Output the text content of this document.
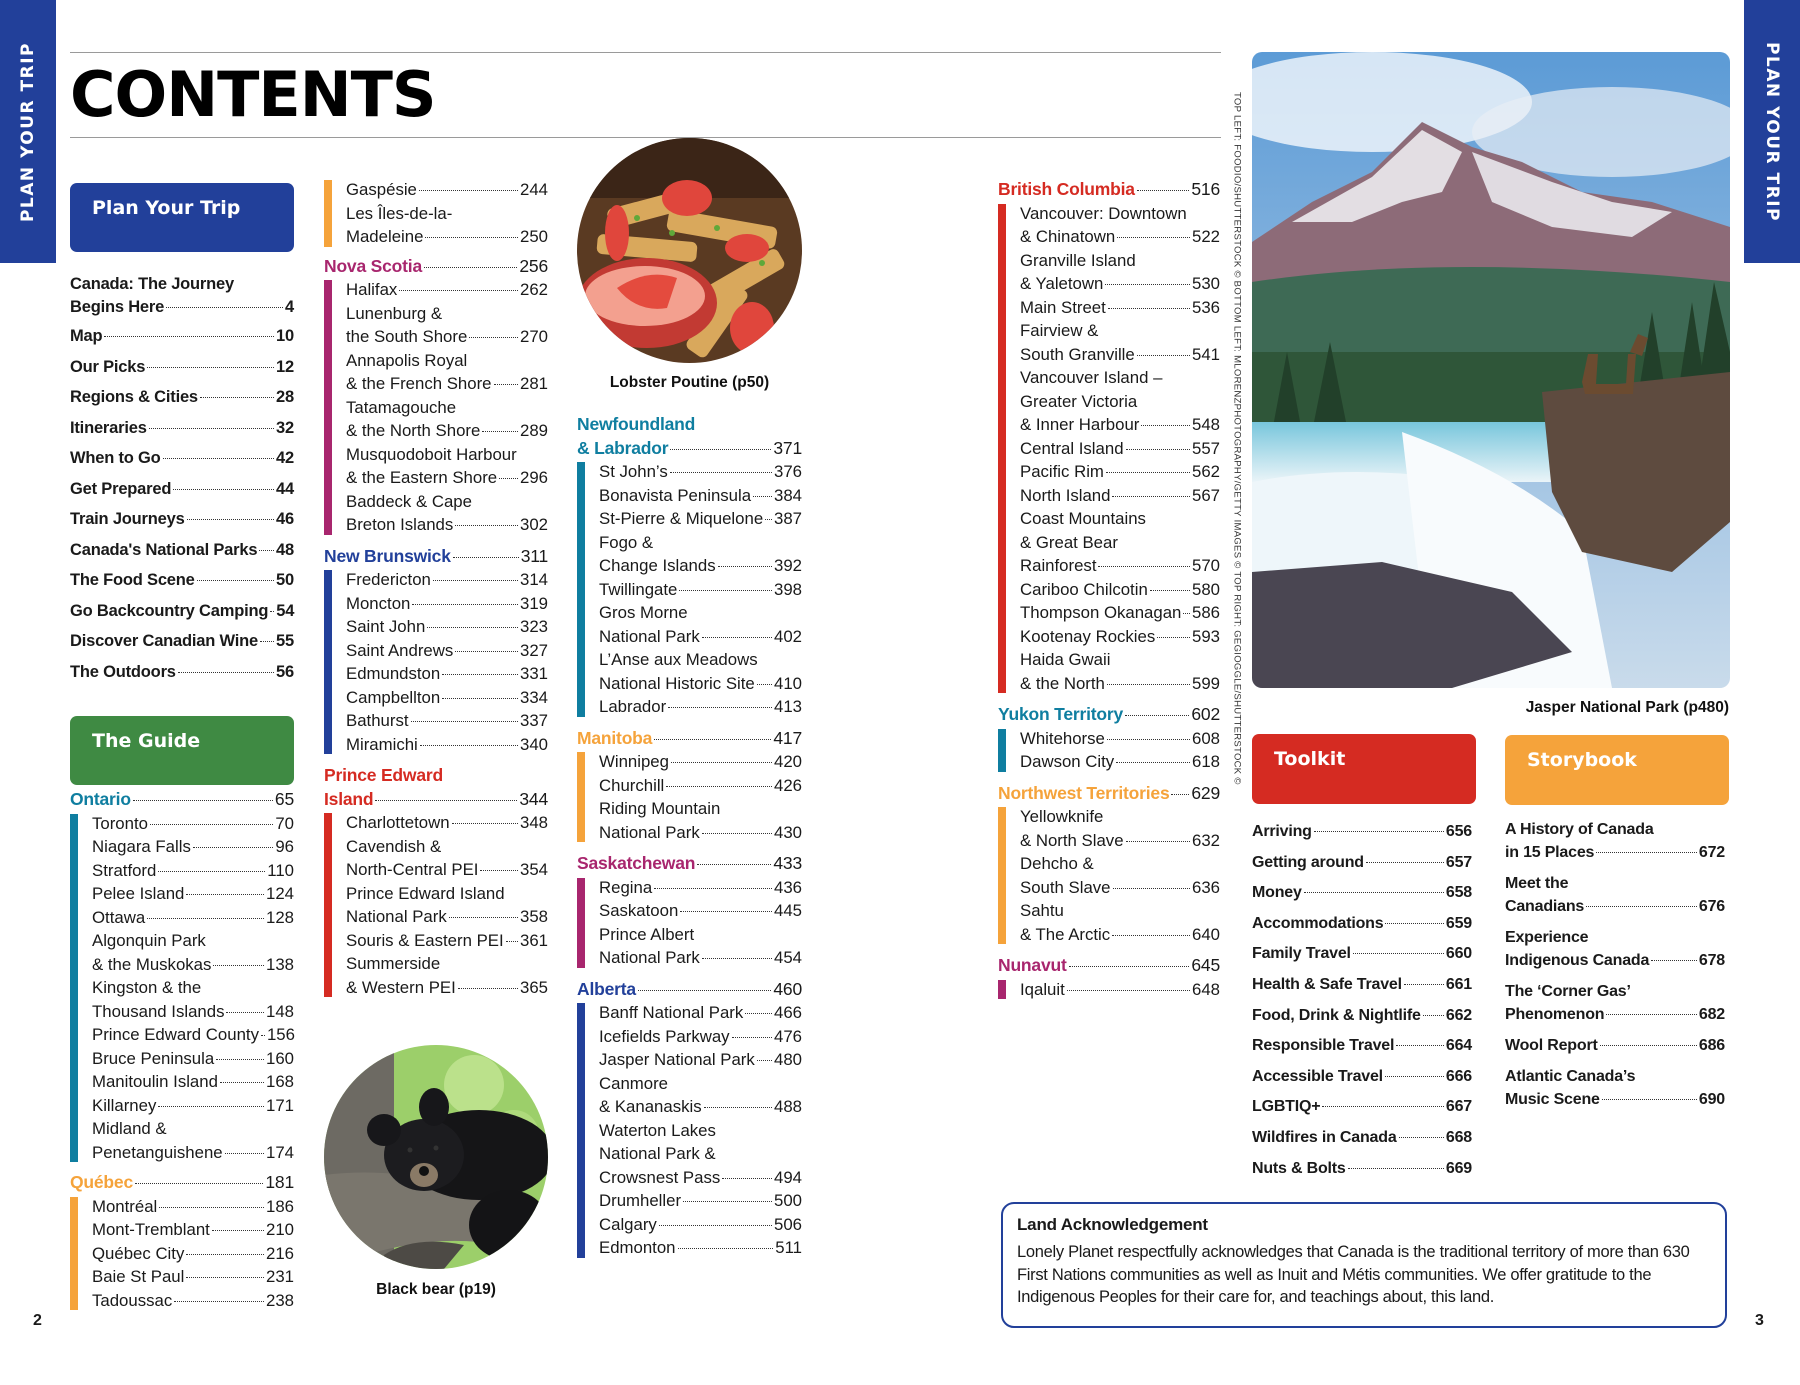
PLAN YOUR TRIP	PLAN YOUR TRIP
CONTENTS
Plan Your Trip
Canada: The Journey
Begins Here	4
Map	10
Our Picks	12
Regions & Cities	28
Itineraries	32
When to Go	42
Get Prepared	44
Train Journeys	46
Canada's National Parks 48
The Food Scene	50
Go Backcountry Camping 54
Discover Canadian Wine 55
The Outdoors	56
The Guide
Ontario	65
Toronto	70
Niagara Falls	96
Stratford	110
Pelee Island	124
Ottawa	128
Algonquin Park
& the Muskokas	138
Kingston & the
Thousand Islands 148
Prince Edward County 156
Bruce Peninsula	160
Manitoulin Island	168
Killarney	171
Midland &
Penetanguishene	174
Québec	181
Montréal	186
Mont-Tremblant	210
Québec City	216
Baie St Paul	231
Tadoussac	238
Gaspésie	244
Les Îles-de-la-
Madeleine	250
Nova Scotia	256
Halifax	262
Lunenburg &
the South Shore	270
Annapolis Royal
& the French Shore 281
Tatamagouche
& the North Shore 289
Musquodoboit Harbour
& the Eastern Shore 296
Baddeck & Cape
Breton Islands	302
New Brunswick	311
Fredericton	314
Moncton	319
Saint John	323
Saint Andrews	327
Edmundston	331
Campbellton	334
Bathurst	337
Miramichi	340
Prince Edward
Island	344
Charlottetown	348
Cavendish &
North-Central PEI 354
Prince Edward Island
National Park	358
Souris & Eastern PEI 361
Summerside
& Western PEI	365
Lobster Poutine (p50)
Newfoundland
& Labrador	371
St John’s	376
Bonavista Peninsula 384
St-Pierre & Miquelone 387
Fogo &
Change Islands	392
Twillingate	398
Gros Morne
National Park	402
L’Anse aux Meadows
National Historic Site 410
Labrador	413
Manitoba	417
Winnipeg	420
Churchill	426
Riding Mountain
National Park	430
Saskatchewan	433
Regina	436
Saskatoon	445
Prince Albert
National Park	454
Alberta	460
Banff National Park 466
Icefields Parkway	476
Jasper National Park 480
Canmore
& Kananaskis	488
Waterton Lakes
National Park &
Crowsnest Pass	494
Drumheller	500
Calgary	506
Edmonton	511
Black bear (p19)
British Columbia	516
Vancouver: Downtown
& Chinatown	522
Granville Island
& Yaletown	530
Main Street	536
Fairview &
South Granville	541
Vancouver Island –
Greater Victoria
& Inner Harbour	548
Central Island	557
Pacific Rim	562
North Island	567
Coast Mountains
& Great Bear
Rainforest	570
Cariboo Chilcotin	580
Thompson Okanagan 586
Kootenay Rockies 593
Haida Gwaii
& the North	599
Yukon Territory	602
Whitehorse	608
Dawson City	618
Northwest Territories 629
Yellowknife
& North Slave	632
Dehcho &
South Slave	636
Sahtu
& The Arctic	640
Nunavut	645
Iqaluit	648
TOP LEFT: FOODIO/SHUTTERSTOCK © BOTTOM LEFT: MLORENZPHOTOGRAPHY/GETTY IMAGES © TOP RIGHT: GEGIOGGLE/SHUTTERSTOCK ©	Jasper National Park (p480)
Toolkit
Arriving	656
Getting around	657
Money	658
Accommodations	659
Family Travel	660
Health & Safe Travel	661
Food, Drink & Nightlife 662
Responsible Travel	664
Accessible Travel	666
LGBTIQ+	667
Wildfires in Canada	668
Nuts & Bolts	669
Storybook
A History of Canada
in 15 Places	672
Meet the
Canadians	676
Experience
Indigenous Canada	678
The ‘Corner Gas’
Phenomenon	682
Wool Report	686
Atlantic Canada’s
Music Scene	690
Land Acknowledgement

Lonely Planet respectfully acknowledges that Canada is the traditional territory of more than 630 First Nations communities as well as Inuit and Métis communities. We offer gratitude to the Indigenous Peoples for their care for, and teachings about, this land.

2	3
